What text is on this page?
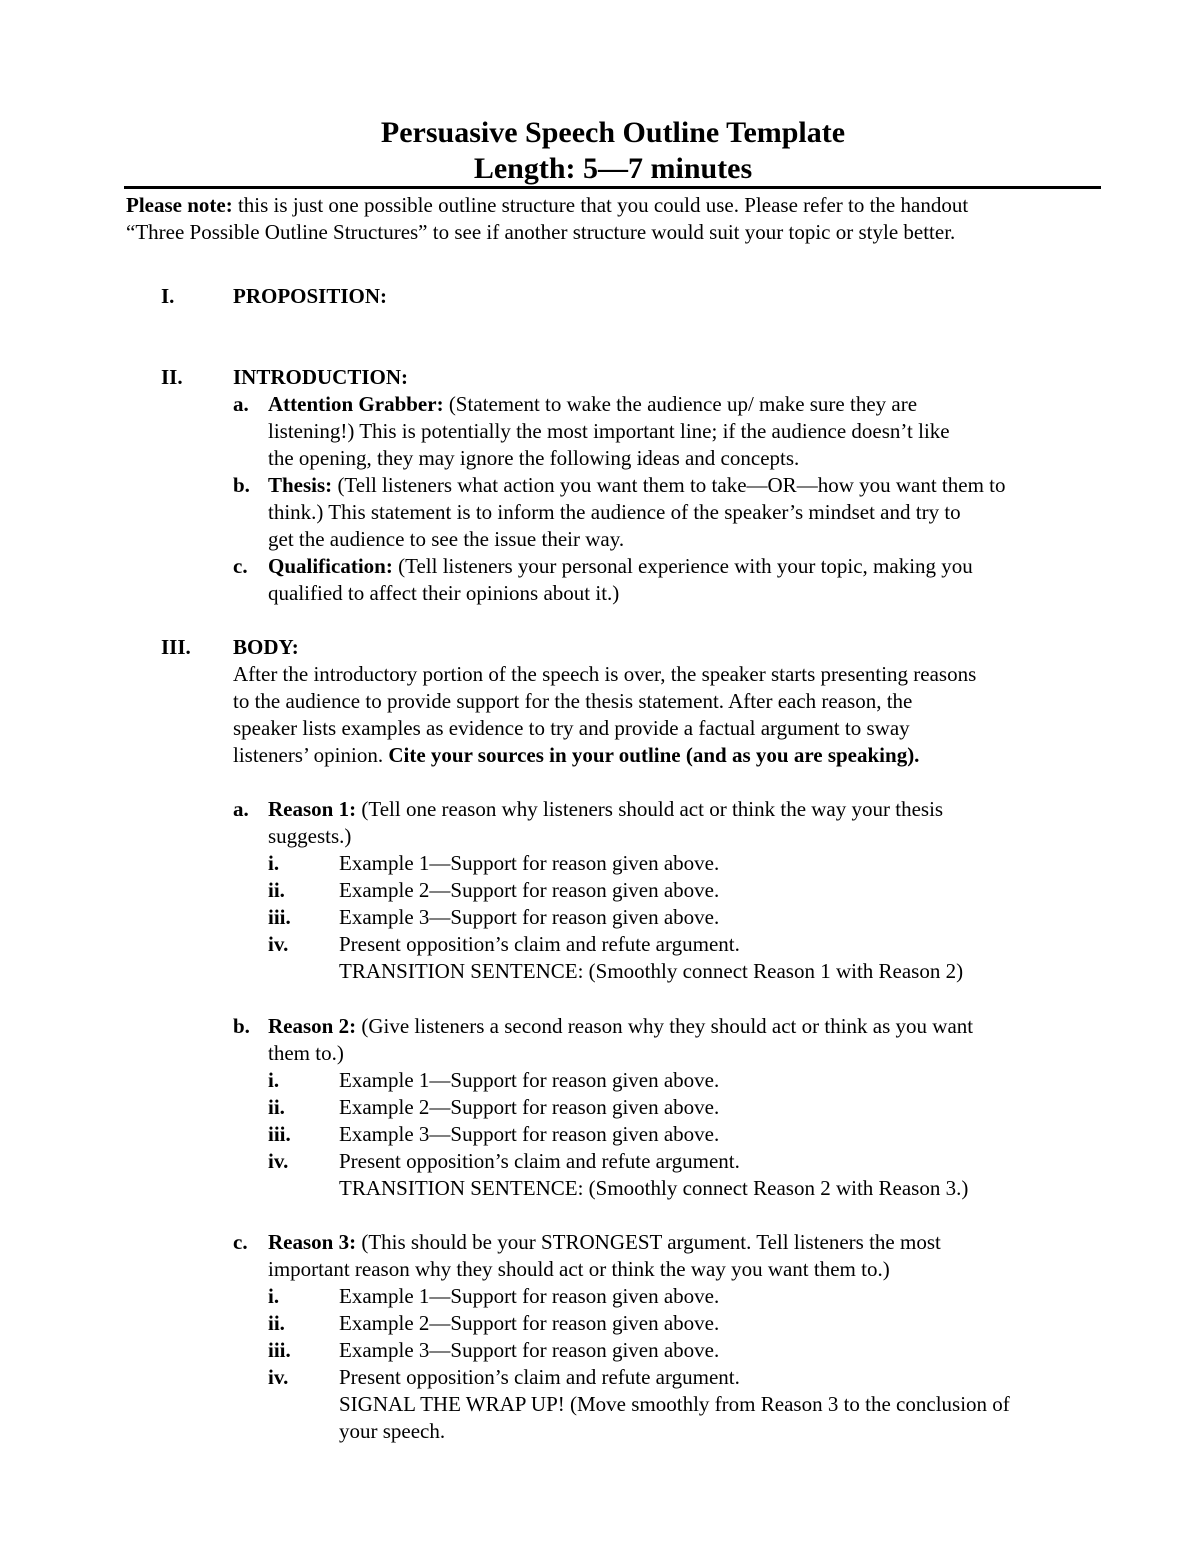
Persuasive Speech Outline Template
Length: 5—7 minutes
Please note: this is just one possible outline structure that you could use. Please refer to the handout
“Three Possible Outline Structures” to see if another structure would suit your topic or style better.
I.	PROPOSITION:
II. INTRODUCTION:
a. Attention Grabber: (Statement to wake the audience up/ make sure they are
listening!) This is potentially the most important line; if the audience doesn’t like
the opening, they may ignore the following ideas and concepts.
b. Thesis: (Tell listeners what action you want them to take—OR—how you want them to
think.) This statement is to inform the audience of the speaker’s mindset and try to
get the audience to see the issue their way.
c. Qualification: (Tell listeners your personal experience with your topic, making you
qualified to affect their opinions about it.)
III. BODY:
After the introductory portion of the speech is over, the speaker starts presenting reasons
to the audience to provide support for the thesis statement. After each reason, the
speaker lists examples as evidence to try and provide a factual argument to sway
listeners’ opinion. Cite your sources in your outline (and as you are speaking).
a. Reason 1: (Tell one reason why listeners should act or think the way your thesis
suggests.)
i.	Example 1—Support for reason given above.
ii.	Example 2—Support for reason given above.
iii. Example 3—Support for reason given above.
iv. Present opposition’s claim and refute argument.
TRANSITION SENTENCE: (Smoothly connect Reason 1 with Reason 2)
b. Reason 2: (Give listeners a second reason why they should act or think as you want
them to.)
i.	Example 1—Support for reason given above.
ii.	Example 2—Support for reason given above.
iii. Example 3—Support for reason given above.
iv. Present opposition’s claim and refute argument.
TRANSITION SENTENCE: (Smoothly connect Reason 2 with Reason 3.)
c. Reason 3: (This should be your STRONGEST argument. Tell listeners the most
important reason why they should act or think the way you want them to.)
i.	Example 1—Support for reason given above.
ii.	Example 2—Support for reason given above.
iii. Example 3—Support for reason given above.
iv. Present opposition’s claim and refute argument.
SIGNAL THE WRAP UP! (Move smoothly from Reason 3 to the conclusion of
your speech.
